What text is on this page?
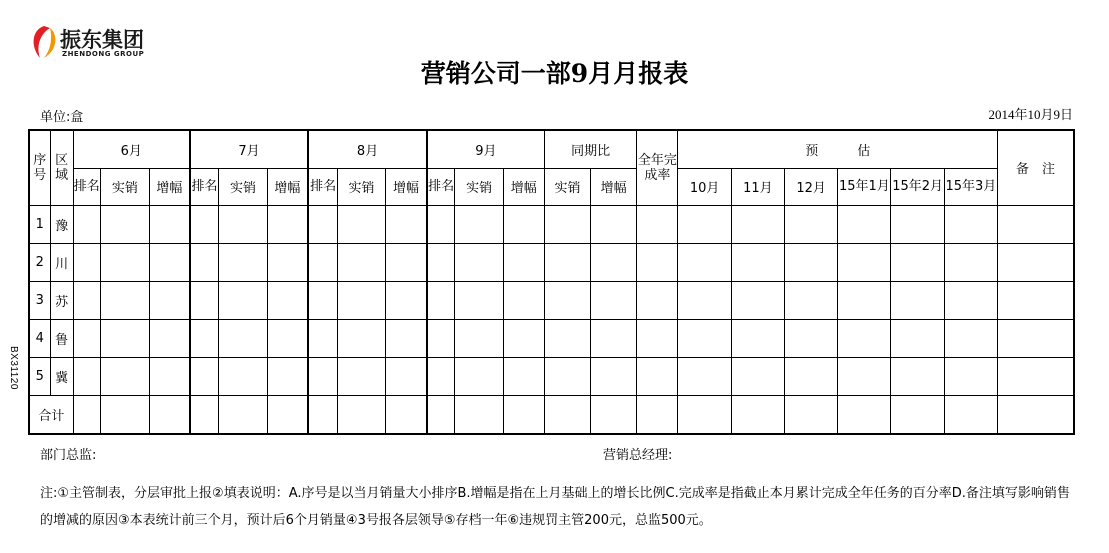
振东集团
ZHENDONG GROUP
营销公司一部9月月报表
单位:盒	2014年10月9日
BX31120
序号	区域	6月			7月			8月			9月			同期比		全年完成率	预　　　估						备　注
		排名	实销	增幅	排名	实销	增幅	排名	实销	增幅	排名	实销	增幅	实销	增幅		10月	11月	12月	15年1月	15年2月	15年3月	
1	豫																						
2	川																						
3	苏																						
4	鲁																						
5	冀																						
合计																							
部门总监:	营销总经理:
注:①主管制表，分层审批上报②填表说明：A.序号是以当月销量大小排序B.增幅是指在上月基础上的增长比例C.完成率是指截止本月累计完成全年任务的百分率D.备注填写影响销售的增减的原因③本表统计前三个月，预计后6个月销量④3号报各层领导⑤存档一年⑥违规罚主管200元，总监500元。
